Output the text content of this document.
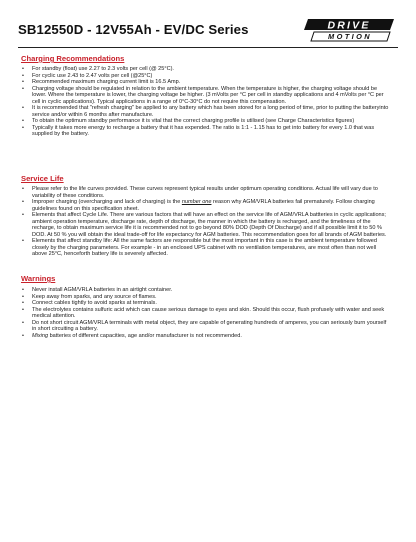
SB12550D - 12V55Ah - EV/DC Series	DRIVE
MOTION
Charging Recommendations
• For standby (float) use 2.27 to 2.3 volts per cell (@ 25°C).
• For cyclic use 2.43 to 2.47 volts per cell (@25°C)
• Recommended maximum charging current limit is 16.5 Amp.
• Charging voltage should be regulated in relation to the ambient temperature. When the temperature is higher, the charging voltage should be lower. Where the temperature is lower, the charging voltage be higher. (3 mVolts per °C per cell in standby applications and 4 mVolts per °C per cell in cyclic applications). Typical applications in a range of 0°C-30°C do not require this compensation.
• It is recommended that "refresh charging" be applied to any battery which has been stored for a long period of time, prior to putting the batteryinto service and/or within 6 months after manufacture.
• To obtain the optimum standby performance it is vital that the correct charging profile is utilised (see Charge Characteristics figures)
• Typically it takes more energy to recharge a battery that it has expended. The ratio is 1:1 - 1.15 has to get into battery for every 1.0 that was supplied by the battery.
Service Life
• Please refer to the life curves provided. These curves represent typical results under optimum operating conditions. Actual life will vary due to variability of these conditions.
• Improper charging (overcharging and lack of charging) is the number one reason why AGM/VRLA batteries fail prematurely. Follow charging guidelines found on this specification sheet.
• Elements that affect Cycle Life. There are various factors that will have an effect on the service life of AGM/VRLA battteries in cyclic applications; ambient operation temperature, discharge rate, depth of discharge, the manner in which the battery is recharged, and the timeliness of the recharge, to obtain maximum service life it is recommended not to go beyond 80% DOD (Depth Of Discharge) and if all possible limit it to 50 % DOD. At 50 % you will obtain the ideal trade-off for life expectancy for AGM batteries. This recommendation goes for all brands of AGM batteries.
• Elements that affect standby life: All the same factors are responsible but the most important in this case is the ambient temperature followed closely by the charging parameters. For example - in an enclosed UPS cabinet with no ventilation temperatures, are most often than not well above 25°C, henceforth battery life is severely affected.
Warnings
• Never install AGM/VRLA batteries in an airtight container.
• Keep away from sparks, and any source of flames.
• Connect cables tightly to avoid sparks at terminals.
• The electrolytes contains sulfuric acid which can cause serious damage to eyes and skin. Should this occur, flush profusely with water and seek medical attention.
• Do not short circuit AGM/VRLA terminals with metal object, they are capable of generating hundreds of amperes, you can seriously burn yourself in short circuiting a battery.
• Mixing batteries of different capacities, age and/or manufacturer is not recommended.
